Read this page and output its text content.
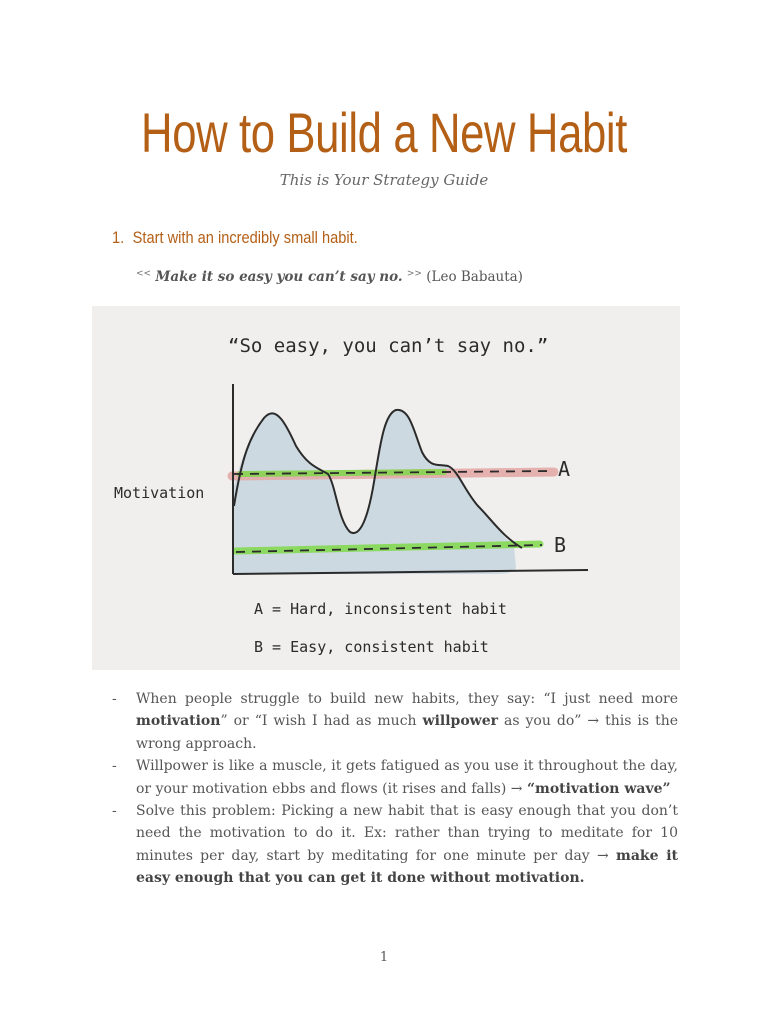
How to Build a New Habit
This is Your Strategy Guide
1. Start with an incredibly small habit.
<< Make it so easy you can’t say no. >> (Leo Babauta)
“So easy, you can’t say no.”
Motivation
A
B
A = Hard, inconsistent habit
B = Easy, consistent habit
-	When people struggle to build new habits, they say: “I just need more motivation” or “I wish I had as much willpower as you do” → this is the wrong approach.
-	Willpower is like a muscle, it gets fatigued as you use it throughout the day, or your motivation ebbs and flows (it rises and falls) → “motivation wave”
-	Solve this problem: Picking a new habit that is easy enough that you don’t need the motivation to do it. Ex: rather than trying to meditate for 10 minutes per day, start by meditating for one minute per day → make it easy enough that you can get it done without motivation.
1
